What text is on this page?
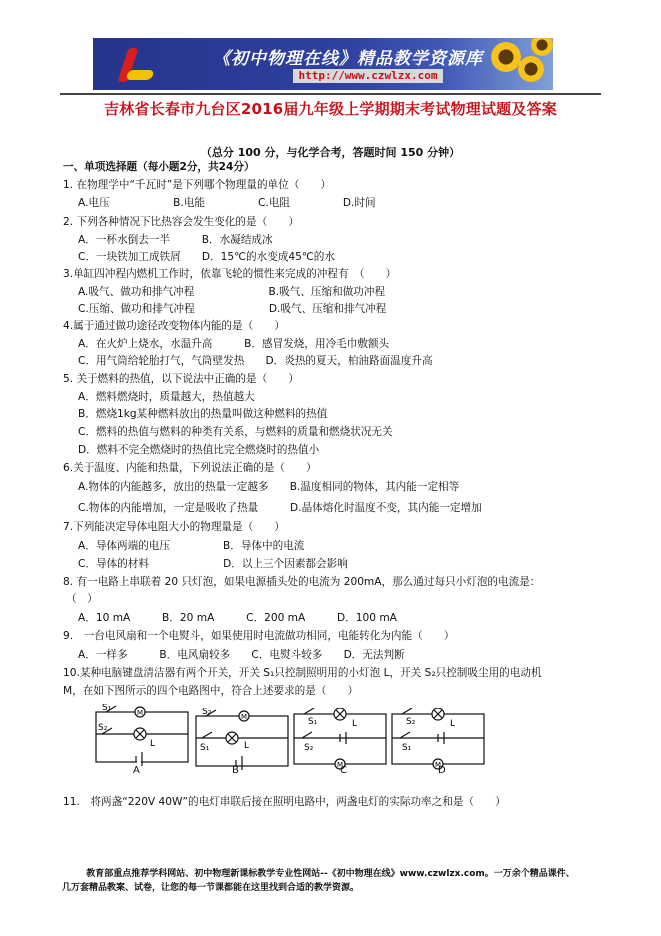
《初中物理在线》精品教学资源库
http://www.czwlzx.com
吉林省长春市九台区2016届九年级上学期期末考试物理试题及答案
（总分 100 分，与化学合考，答题时间 150 分钟）
一、单项选择题（每小题2分，共24分）
1. 在物理学中“千瓦时”是下列哪个物理量的单位（　　）
A.电压　　　　　　B.电能　　　　　C.电阻　　　　　D.时间
2. 下列各种情况下比热容会发生变化的是（　　）
A．一杯水倒去一半　　　B．水凝结成冰
C．一块铁加工成铁屑　　D．15℃的水变成45℃的水
3.单缸四冲程内燃机工作时，依靠飞轮的惯性来完成的冲程有　（　　）
A.吸气、做功和排气冲程　　　　　　　B.吸气、压缩和做功冲程
C.压缩、做功和排气冲程　　　　　　　D.吸气、压缩和排气冲程
4.属于通过做功途径改变物体内能的是（　　）
A．在火炉上烧水，水温升高　　　B．感冒发烧，用冷毛巾敷额头
C．用气筒给轮胎打气，气筒壁发热　　D．炎热的夏天，柏油路面温度升高
5. 关于燃料的热值，以下说法中正确的是（　　）
A．燃料燃烧时，质量越大，热值越大
B．燃烧1kg某种燃料放出的热量叫做这种燃料的热值
C．燃料的热值与燃料的种类有关系，与燃料的质量和燃烧状况无关
D．燃料不完全燃烧时的热值比完全燃烧时的热值小
6.关于温度、内能和热量，下列说法正确的是（　　）
A.物体的内能越多，放出的热量一定越多　　B.温度相同的物体，其内能一定相等
C.物体的内能增加，一定是吸收了热量　　　D.晶体熔化时温度不变，其内能一定增加
7.下列能决定导体电阻大小的物理量是（　　）
A．导体两端的电压　　　　　B．导体中的电流
C．导体的材料　　　　　　　D．以上三个因素都会影响
8. 有一电路上串联着 20 只灯泡，如果电源插头处的电流为 200mA，那么通过每只小灯泡的电流是：
（　）
A．10 mA　　　B．20 mA　　　C．200 mA　　　D．100 mA
9.　一台电风扇和一个电熨斗，如果使用时电流做功相同，电能转化为内能（　　）
A．一样多　　　B．电风扇较多　　C．电熨斗较多　　D．无法判断
10.某种电脑键盘清洁器有两个开关，开关 S₁只控制照明用的小灯泡 L，开关 S₂只控制吸尘用的电动机
M，在如下图所示的四个电路图中，符合上述要求的是（　　）
S₁
S₂
M
L
A
S₂
S₁
M
L
B
S₁
S₂
L
M
C
S₂
S₁
L
M
D
11.　将两盏“220V 40W”的电灯串联后接在照明电路中，两盏电灯的实际功率之和是（　　）
教育部重点推荐学科网站、初中物理新课标教学专业性网站--《初中物理在线》www.czwlzx.com。一万余个精品课件、
几万套精品教案、试卷，让您的每一节课都能在这里找到合适的教学资源。
